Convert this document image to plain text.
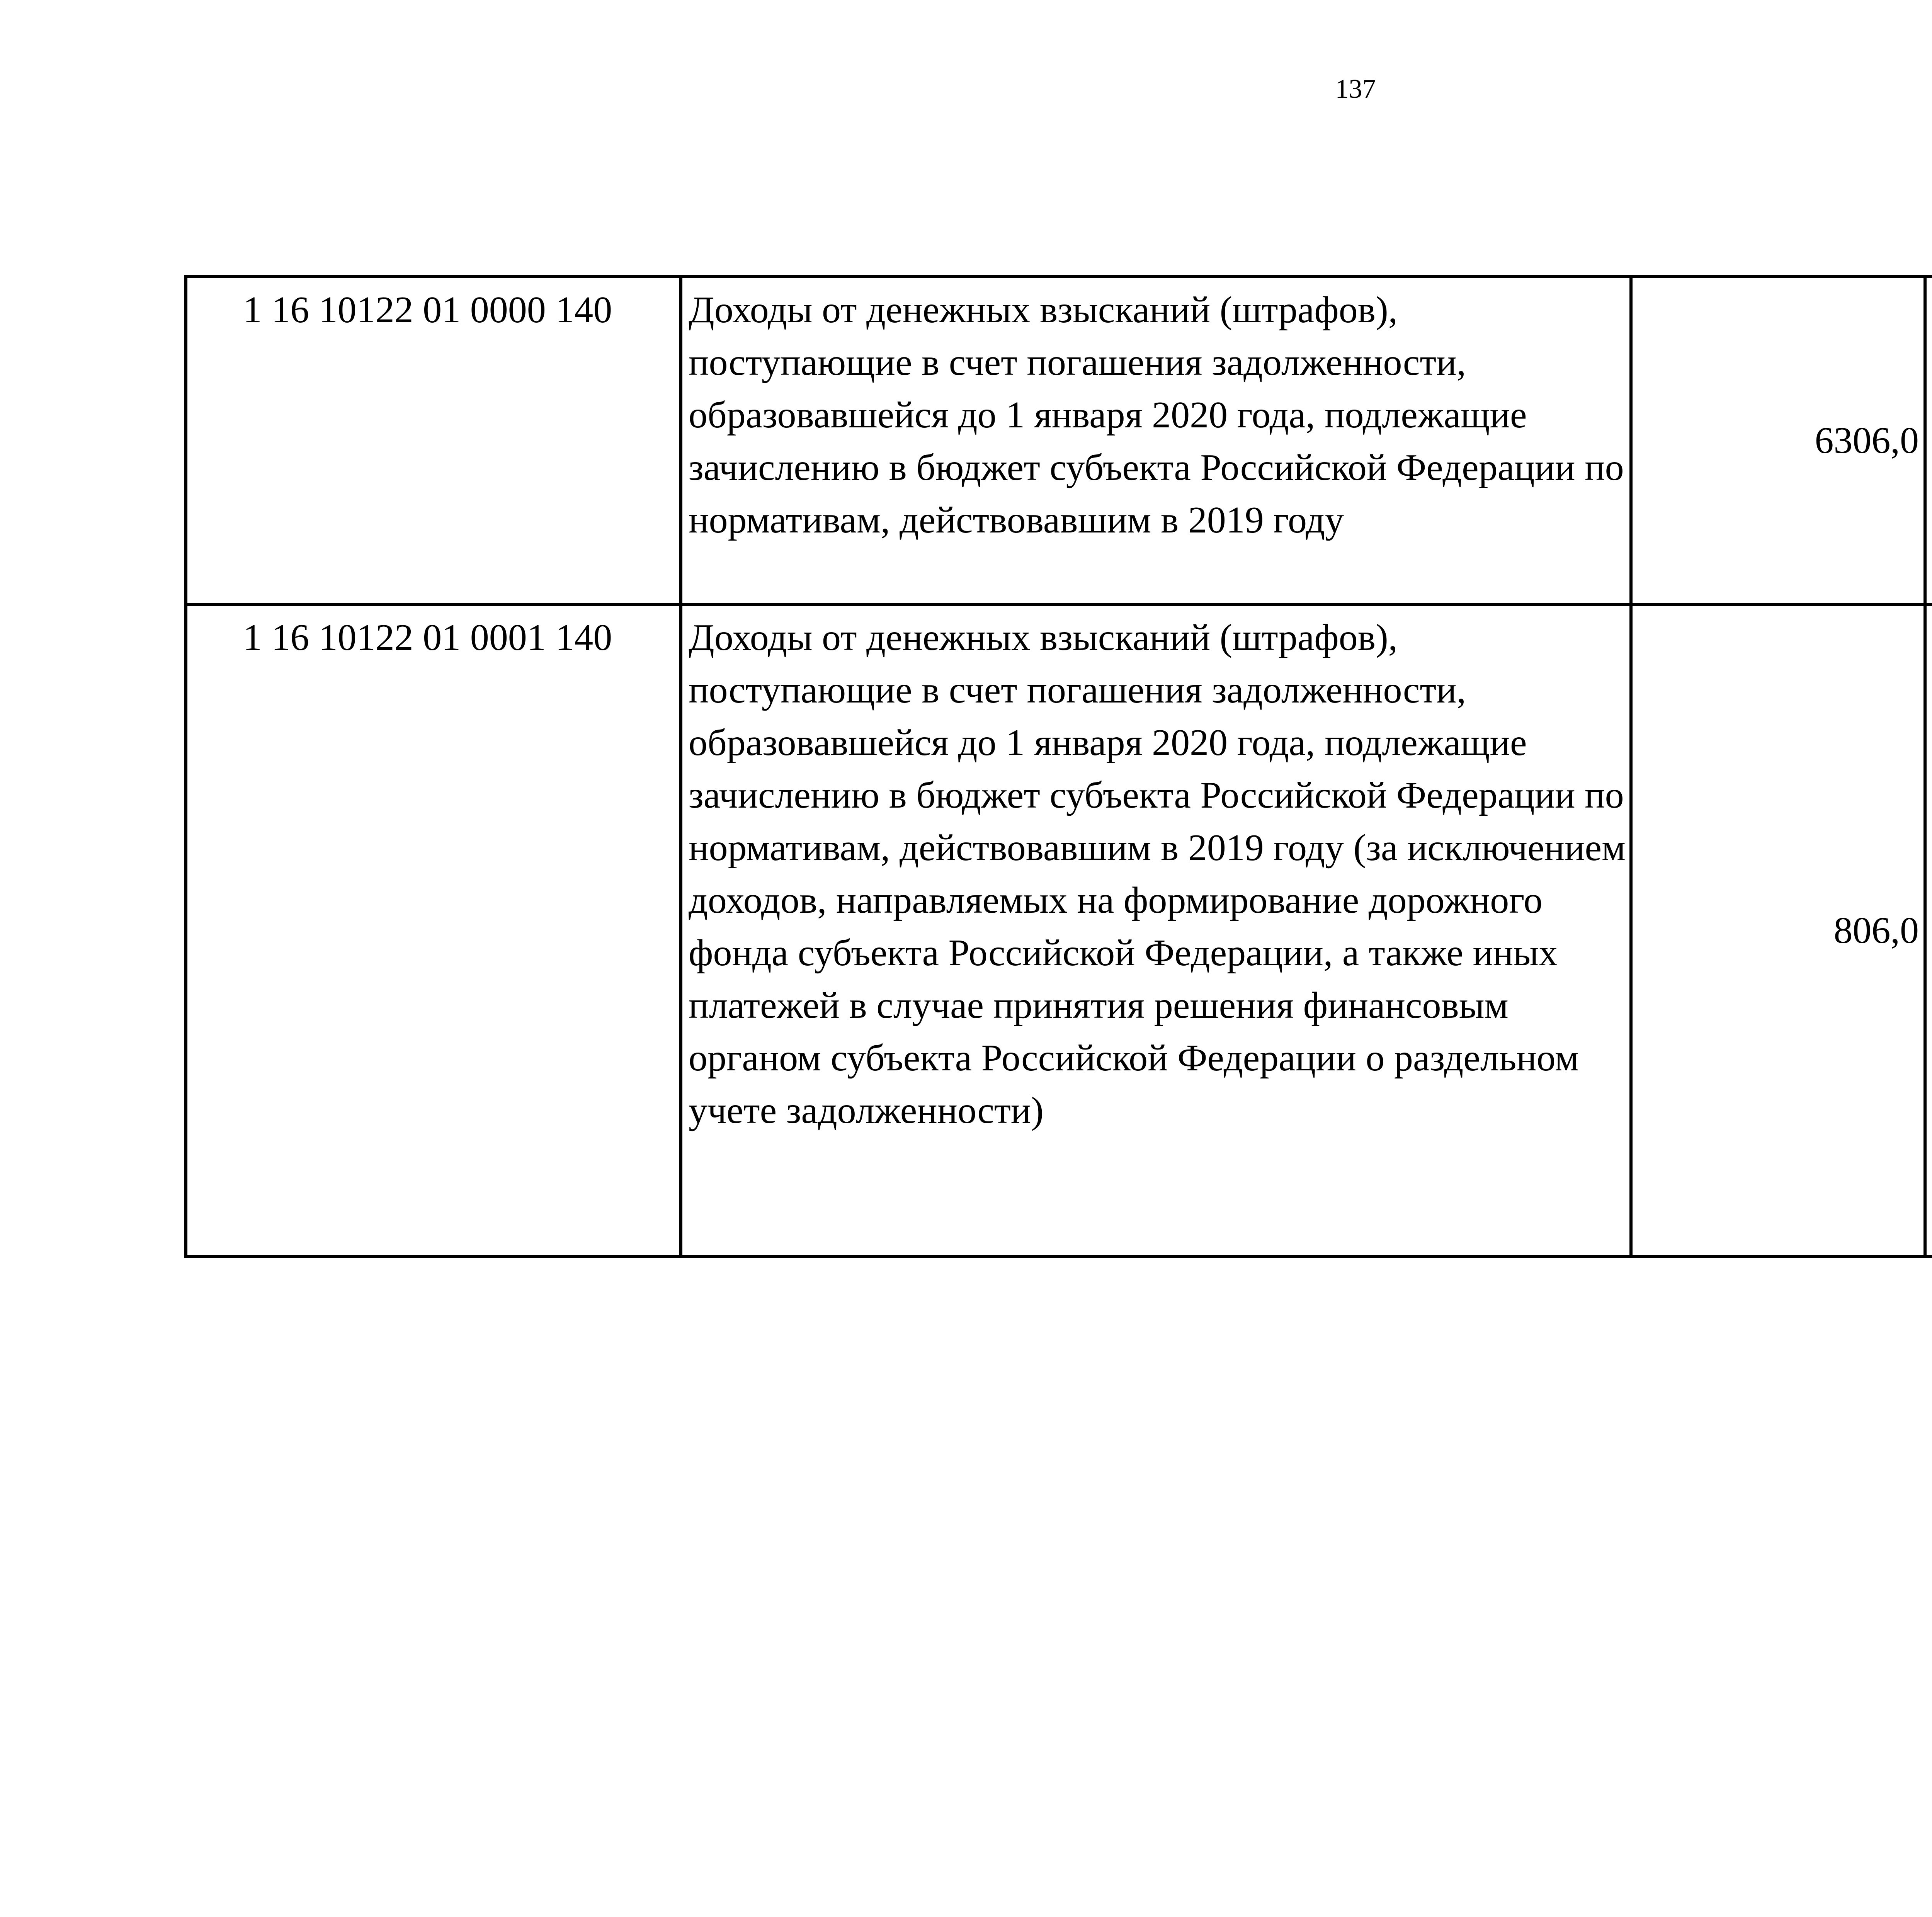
137
1 16 10122 01 0000 140	Доходы от денежных взысканий (штрафов), поступающие в счет погашения задолженности, образовавшейся до 1 января 2020 года, подлежащие зачислению в бюджет субъекта Российской Федерации по нормативам, действовавшим в 2019 году	6306,0		
1 16 10122 01 0001 140	Доходы от денежных взысканий (штрафов), поступающие в счет погашения задолженности, образовавшейся до 1 января 2020 года, подлежащие зачислению в бюджет субъекта Российской Федерации по нормативам, действовавшим в 2019 году (за исключением доходов, направляемых на формирование дорожного фонда субъекта Российской Федерации, а также иных платежей в случае принятия решения финансовым органом субъекта Российской Федерации о раздельном учете задолженности)	806,0		
